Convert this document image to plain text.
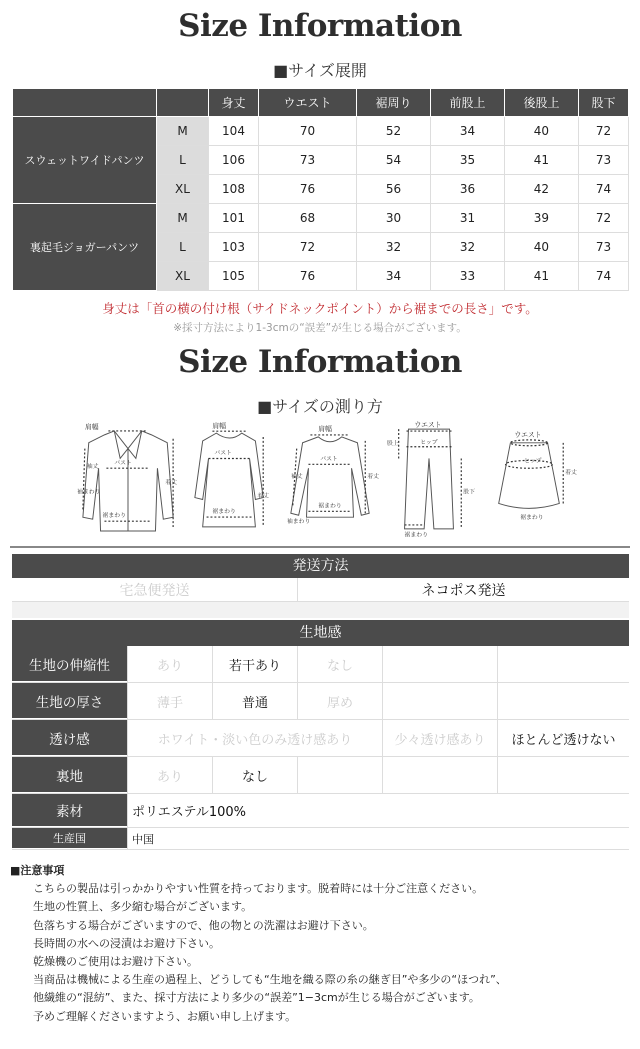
Size Information
■サイズ展開
		身丈	ウエスト	裾周り	前股上	後股上	股下
スウェットワイドパンツ	M	104	70	52	34	40	72
	L	106	73	54	35	41	73
	XL	108	76	56	36	42	74
裏起毛ジョガーパンツ	M	101	68	30	31	39	72
	L	103	72	32	32	40	73
	XL	105	76	34	33	41	74
身丈は「首の横の付け根（サイドネックポイント）から裾までの長さ」です。
※採寸方法により1-3cmの“誤差”が生じる場合がございます。
Size Information
■サイズの測り方
肩幅
袖丈
バスト
着丈
袖まわり
裾まわり
肩幅
バスト
着丈
裾まわり
肩幅
袖丈
バスト
着丈
袖まわり
裾まわり
ウエスト
ヒップ
股上
股下
裾まわり
ウエスト
ヒップ
着丈
裾まわり
発送方法
宅急便発送	ネコポス発送
生地感
生地の伸縮性	あり	若干あり	なし
生地の厚さ	薄手	普通	厚め
透け感	ホワイト・淡い色のみ透け感あり	少々透け感あり	ほとんど透けない
裏地	あり	なし
素材	ポリエステル100%
生産国	中国
■注意事項
こちらの製品は引っかかりやすい性質を持っております。脱着時には十分ご注意ください。
生地の性質上、多少縮む場合がございます。
色落ちする場合がございますので、他の物との洗濯はお避け下さい。
長時間の水への浸漬はお避け下さい。
乾燥機のご使用はお避け下さい。
当商品は機械による生産の過程上、どうしても“生地を織る際の糸の継ぎ目”や多少の“ほつれ”、
他繊維の“混紡”、また、採寸方法により多少の“誤差”1−3cmが生じる場合がございます。
予めご理解くださいますよう、お願い申し上げます。
